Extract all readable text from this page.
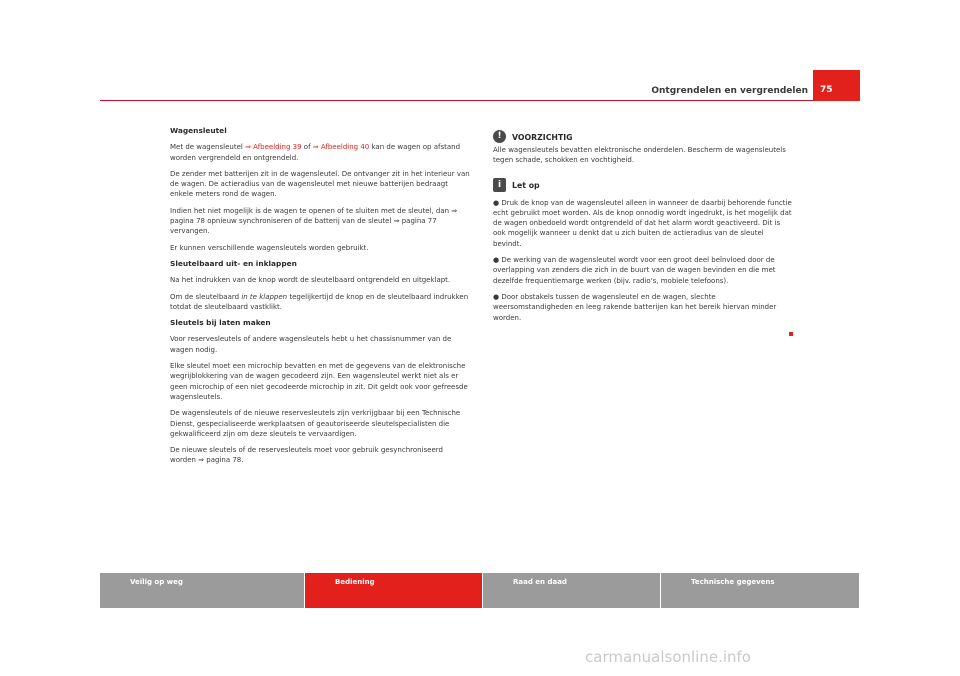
Ontgrendelen en vergrendelen 75

Wagensleutel

Met de wagensleutel ⇒ Afbeelding 39 of ⇒ Afbeelding 40 kan de wagen op afstand worden vergrendeld en ontgrendeld.

De zender met batterijen zit in de wagensleutel. De ontvanger zit in het interieur van de wagen. De actieradius van de wagensleutel met nieuwe batterijen bedraagt enkele meters rond de wagen.

Indien het niet mogelijk is de wagen te openen of te sluiten met de sleutel, dan ⇒ pagina 78 opnieuw synchroniseren of de batterij van de sleutel ⇒ pagina 77 vervangen.

Er kunnen verschillende wagensleutels worden gebruikt.

Sleutelbaard uit- en inklappen

Na het indrukken van de knop wordt de sleutelbaard ontgrendeld en uitgeklapt.

Om de sleutelbaard in te klappen tegelijkertijd de knop en de sleutelbaard indrukken totdat de sleutelbaard vastklikt.

Sleutels bij laten maken

Voor reservesleutels of andere wagensleutels hebt u het chassisnummer van de wagen nodig.

Elke sleutel moet een microchip bevatten en met de gegevens van de elektronische wegrijblokkering van de wagen gecodeerd zijn. Een wagensleutel werkt niet als er geen microchip of een niet gecodeerde microchip in zit. Dit geldt ook voor gefreesde wagensleutels.

De wagensleutels of de nieuwe reservesleutels zijn verkrijgbaar bij een Technische Dienst, gespecialiseerde werkplaatsen of geautoriseerde sleutelspecialisten die gekwalificeerd zijn om deze sleutels te vervaardigen.

De nieuwe sleutels of de reservesleutels moet voor gebruik gesynchroniseerd worden ⇒ pagina 78.

!	VOORZICHTIG

Alle wagensleutels bevatten elektronische onderdelen. Bescherm de wagensleutels tegen schade, schokken en vochtigheid.

i	Let op

● Druk de knop van de wagensleutel alleen in wanneer de daarbij behorende functie echt gebruikt moet worden. Als de knop onnodig wordt ingedrukt, is het mogelijk dat de wagen onbedoeld wordt ontgrendeld of dat het alarm wordt geactiveerd. Dit is ook mogelijk wanneer u denkt dat u zich buiten de actieradius van de sleutel bevindt.

● De werking van de wagensleutel wordt voor een groot deel beïnvloed door de overlapping van zenders die zich in de buurt van de wagen bevinden en die met dezelfde frequentiemarge werken (bijv. radio's, mobiele telefoons).

● Door obstakels tussen de wagensleutel en de wagen, slechte weersomstandigheden en leeg rakende batterijen kan het bereik hiervan minder worden.

Veilig op weg	Bediening	Raad en daad	Technische gegevens
carmanualsonline.info
